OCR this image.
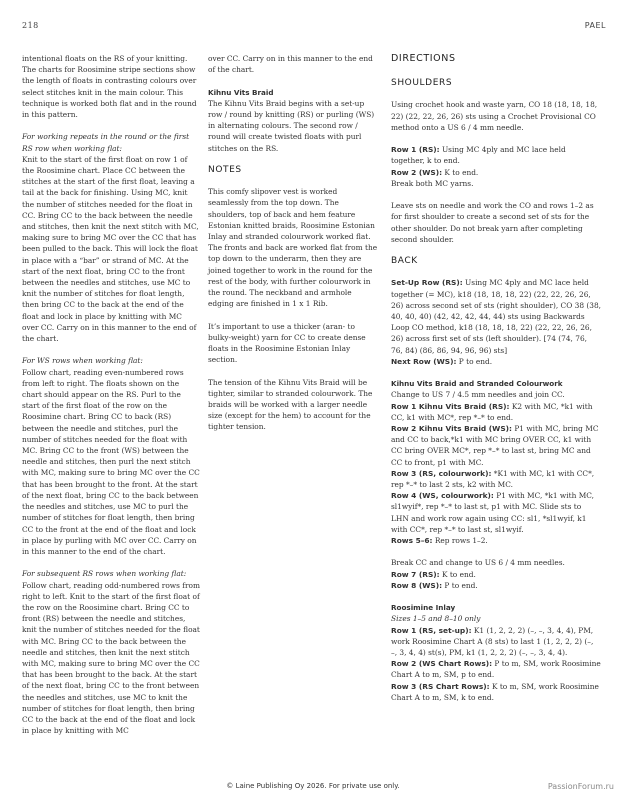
218	PAEL

intentional floats on the RS of your knitting. The charts for Roosimine stripe sections show the length of floats in contrasting colours over select stitches knit in the main colour. This technique is worked both flat and in the round in this pattern.

For working repeats in the round or the first RS row when working flat:
Knit to the start of the first float on row 1 of the Roosimine chart. Place CC between the stitches at the start of the first float, leaving a tail at the back for finishing. Using MC, knit the number of stitches needed for the float in CC. Bring CC to the back between the needle and stitches, then knit the next stitch with MC, making sure to bring MC over the CC that has been pulled to the back. This will lock the float in place with a “bar” or strand of MC. At the start of the next float, bring CC to the front between the needles and stitches, use MC to knit the number of stitches for float length, then bring CC to the back at the end of the float and lock in place by knitting with MC over CC. Carry on in this manner to the end of the chart.

For WS rows when working flat:
Follow chart, reading even-numbered rows from left to right. The floats shown on the chart should appear on the RS. Purl to the start of the first float of the row on the Roosimine chart. Bring CC to back (RS) between the needle and stitches, purl the number of stitches needed for the float with MC. Bring CC to the front (WS) between the needle and stitches, then purl the next stitch with MC, making sure to bring MC over the CC that has been brought to the front. At the start of the next float, bring CC to the back between the needles and stitches, use MC to purl the number of stitches for float length, then bring CC to the front at the end of the float and lock in place by purling with MC over CC. Carry on in this manner to the end of the chart.

For subsequent RS rows when working flat:
Follow chart, reading odd-numbered rows from right to left. Knit to the start of the first float of the row on the Roosimine chart. Bring CC to front (RS) between the needle and stitches, knit the number of stitches needed for the float with MC. Bring CC to the back between the needle and stitches, then knit the next stitch with MC, making sure to bring MC over the CC that has been brought to the back. At the start of the next float, bring CC to the front between the needles and stitches, use MC to knit the number of stitches for float length, then bring CC to the back at the end of the float and lock in place by knitting with MC

over CC. Carry on in this manner to the end of the chart.

Kihnu Vits Braid
The Kihnu Vits Braid begins with a set-up row / round by knitting (RS) or purling (WS) in alternating colours. The second row / round will create twisted floats with purl stitches on the RS.

NOTES

This comfy slipover vest is worked seamlessly from the top down. The shoulders, top of back and hem feature Estonian knitted braids, Roosimine Estonian Inlay and stranded colourwork worked flat. The fronts and back are worked flat from the top down to the underarm, then they are joined together to work in the round for the rest of the body, with further colourwork in the round. The neckband and armhole edging are finished in 1 x 1 Rib.

It’s important to use a thicker (aran- to bulky-weight) yarn for CC to create dense floats in the Roosimine Estonian Inlay section.

The tension of the Kihnu Vits Braid will be tighter, similar to stranded colourwork. The braids will be worked with a larger needle size (except for the hem) to account for the tighter tension.

DIRECTIONS
SHOULDERS

Using crochet hook and waste yarn, CO 18 (18, 18, 18, 22) (22, 22, 26, 26) sts using a Crochet Provisional CO method onto a US 6 / 4 mm needle.

Row 1 (RS): Using MC 4ply and MC lace held together, k to end.
Row 2 (WS): K to end.
Break both MC yarns.

Leave sts on needle and work the CO and rows 1–2 as for first shoulder to create a second set of sts for the other shoulder. Do not break yarn after completing second shoulder.

BACK

Set-Up Row (RS): Using MC 4ply and MC lace held together (= MC), k18 (18, 18, 18, 22) (22, 22, 26, 26, 26) across second set of sts (right shoulder), CO 38 (38, 40, 40, 40) (42, 42, 42, 44, 44) sts using Backwards Loop CO method, k18 (18, 18, 18, 22) (22, 22, 26, 26, 26) across first set of sts (left shoulder). [74 (74, 76, 76, 84) (86, 86, 94, 96, 96) sts]
Next Row (WS): P to end.

Kihnu Vits Braid and Stranded Colourwork
Change to US 7 / 4.5 mm needles and join CC.
Row 1 Kihnu Vits Braid (RS): K2 with MC, *k1 with CC, k1 with MC*, rep *–* to end.
Row 2 Kihnu Vits Braid (WS): P1 with MC, bring MC and CC to back,*k1 with MC bring OVER CC, k1 with CC bring OVER MC*, rep *–* to last st, bring MC and CC to front, p1 with MC.
Row 3 (RS, colourwork): *K1 with MC, k1 with CC*, rep *–* to last 2 sts, k2 with MC.
Row 4 (WS, colourwork): P1 with MC, *k1 with MC, sl1wyif*, rep *–* to last st, p1 with MC. Slide sts to LHN and work row again using CC: sl1, *sl1wyif, k1 with CC*, rep *–* to last st, sl1wyif.
Rows 5–6: Rep rows 1–2.

Break CC and change to US 6 / 4 mm needles.
Row 7 (RS): K to end.
Row 8 (WS): P to end.

Roosimine Inlay
Sizes 1–5 and 8–10 only
Row 1 (RS, set-up): K1 (1, 2, 2, 2) (–, –, 3, 4, 4), PM, work Roosimine Chart A (8 sts) to last 1 (1, 2, 2, 2) (–, –, 3, 4, 4) st(s), PM, k1 (1, 2, 2, 2) (–, –, 3, 4, 4).
Row 2 (WS Chart Rows): P to m, SM, work Roosimine Chart A to m, SM, p to end.
Row 3 (RS Chart Rows): K to m, SM, work Roosimine Chart A to m, SM, k to end.

© Laine Publishing Oy 2026. For private use only.	PassionForum.ru
